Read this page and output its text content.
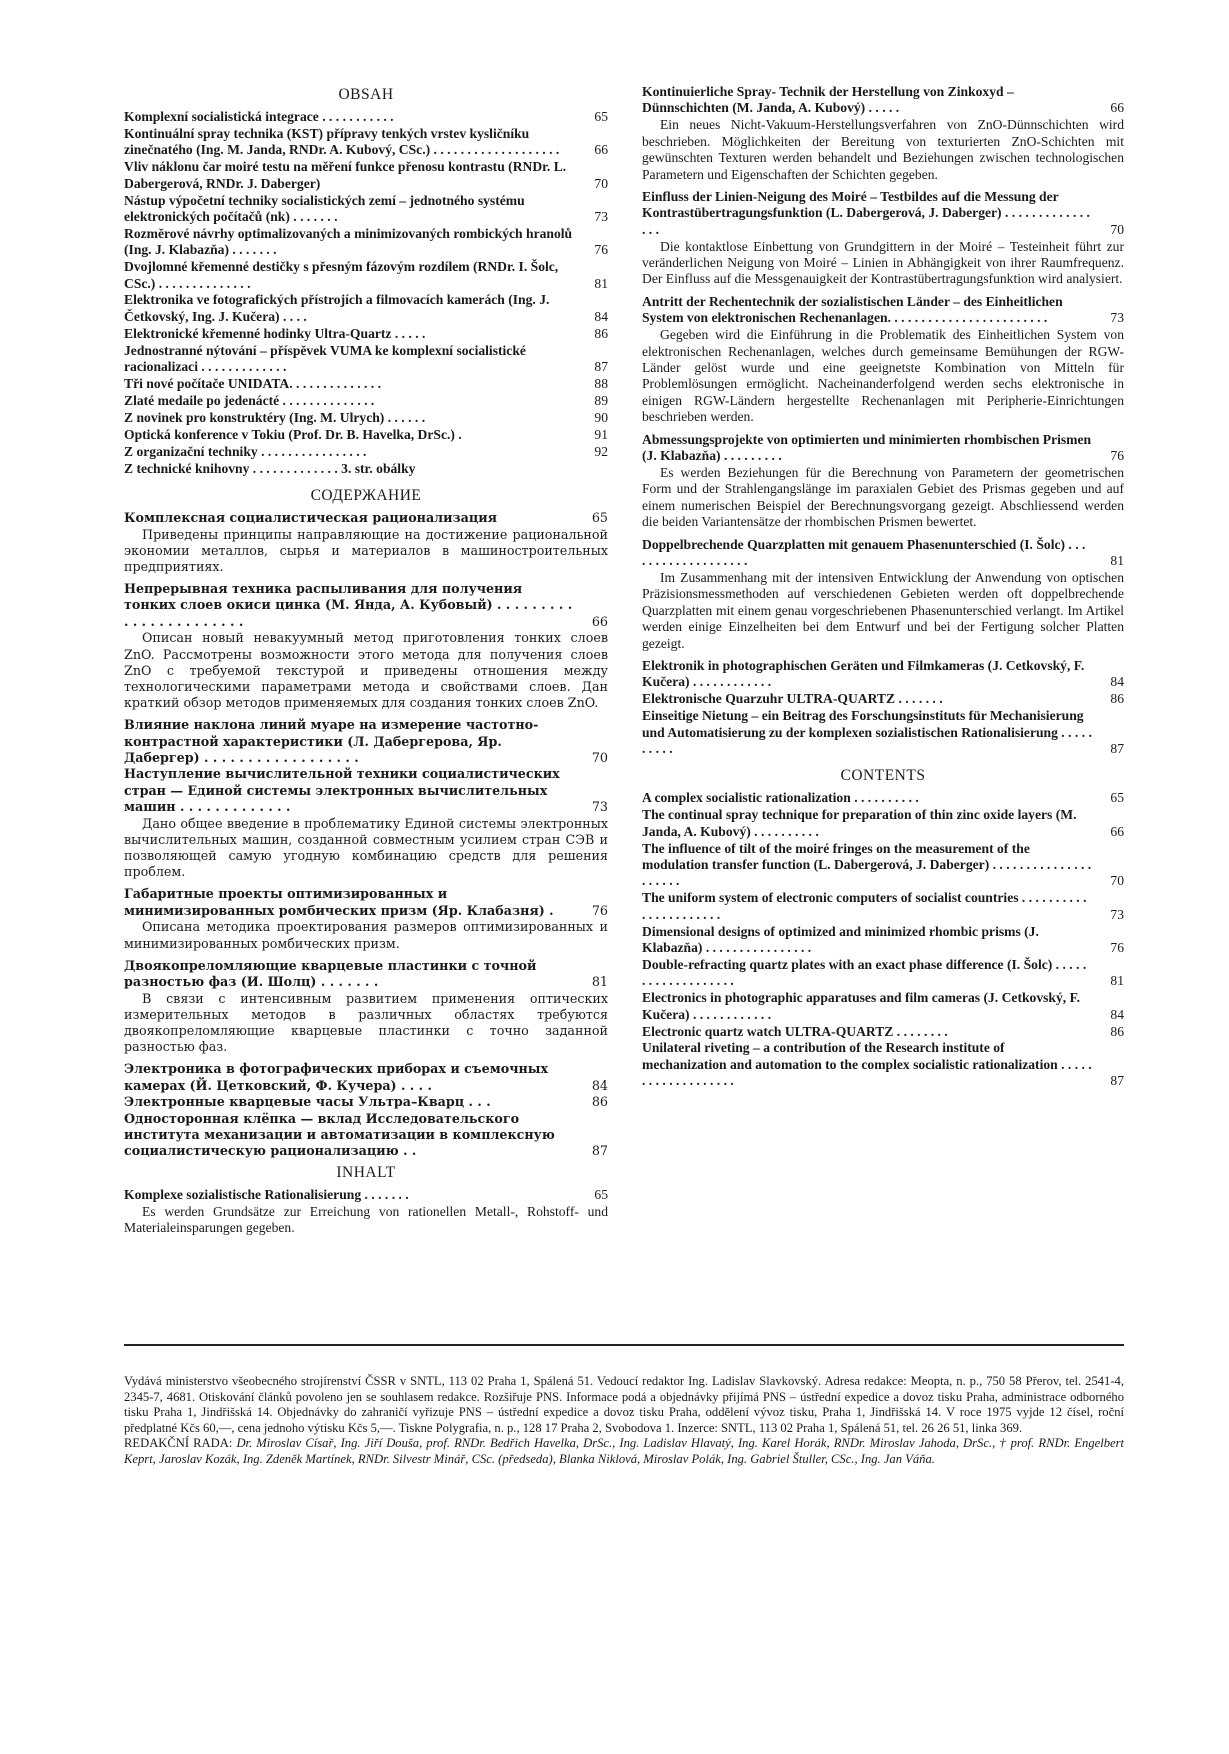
OBSAH
Komplexní socialistická integrace . . . . . . . . . . .	65
Kontinuální spray technika (KST) přípravy tenkých vrstev kysličníku zinečnatého (Ing. M. Janda, RNDr. A. Kubový, CSc.) . . . . . . . . . . . . . . . . . . .	66
Vliv náklonu čar moiré testu na měření funkce přenosu kontrastu (RNDr. L. Dabergerová, RNDr. J. Daberger)	70
Nástup výpočetní techniky socialistických zemí – jednotného systému elektronických počítačů (nk) . . . . . . .	73
Rozměrové návrhy optimalizovaných a minimizovaných rombických hranolů (Ing. J. Klabazňa) . . . . . . .	76
Dvojlomné křemenné destičky s přesným fázovým rozdílem (RNDr. I. Šolc, CSc.) . . . . . . . . . . . . . .	81
Elektronika ve fotografických přístrojích a filmovacích kamerách (Ing. J. Četkovský, Ing. J. Kučera) . . . .	84
Elektronické křemenné hodinky Ultra-Quartz . . . . .	86
Jednostranné nýtování – příspěvek VUMA ke komplexní socialistické racionalizaci . . . . . . . . . . . . .	87
Tři nové počítače UNIDATA. . . . . . . . . . . . . .	88
Zlaté medaile po jedenácté . . . . . . . . . . . . . .	89
Z novinek pro konstruktéry (Ing. M. Ulrych) . . . . . .	90
Optická konference v Tokiu (Prof. Dr. B. Havelka, DrSc.) .	91
Z organizační techniky . . . . . . . . . . . . . . . .	92
Z technické knihovny . . . . . . . . . . . . . 3. str. obálky
СОДЕРЖАНИЕ
Комплексная социалистическая рационализация	65
Приведены принципы направляющие на достижение рациональной экономии металлов, сырья и материалов в машиностроительных предприятиях.
Непрерывная техника распыливания для получения тонких слоев окиси цинка (М. Янда, А. Кубовый) . . . . . . . . . . . . . . . . . . . . . . .	66
Описан новый невакуумный метод приготовления тонких слоев ZnO. Рассмотрены возможности этого метода для получения слоев ZnO с требуемой текстурой и приведены отношения между технологическими параметрами метода и свойствами слоев. Дан краткий обзор методов применяемых для создания тонких слоев ZnO.
Влияние наклона линий муаре на измерение частотно-контрастной характеристики (Л. Дабергерова, Яр. Дабергер) . . . . . . . . . . . . . . . . . .	70
Наступление вычислительной техники социалистических стран — Единой системы электронных вычислительных машин . . . . . . . . . . . . .	73
Дано общее введение в проблематику Единой системы электронных вычислительных машин, созданной совместным усилием стран СЭВ и позволяющей самую угодную комбинацию средств для решения проблем.
Габаритные проекты оптимизированных и минимизированных ромбических призм (Яр. Клабазня) .	76
Описана методика проектирования размеров оптимизированных и минимизированных ромбических призм.
Двоякопреломляющие кварцевые пластинки с точной разностью фаз (И. Шолц) . . . . . . .	81
В связи с интенсивным развитием применения оптических измерительных методов в различных областях требуются двоякопреломляющие кварцевые пластинки с точно заданной разностью фаз.
Электроника в фотографических приборах и съемочных камерах (Й. Цетковский, Ф. Кучера) . . . .	84
Электронные кварцевые часы Ультра–Кварц . . .	86
Односторонная клёпка — вклад Исследовательского института механизации и автоматизации в комплексную социалистическую рационализацию . .	87
INHALT
Komplexe sozialistische Rationalisierung . . . . . . .	65
Es werden Grundsätze zur Erreichung von rationellen Metall-, Rohstoff- und Materialeinsparungen gegeben.
Kontinuierliche Spray- Technik der Herstellung von Zinkoxyd – Dünnschichten (M. Janda, A. Kubový) . . . . .	66
Ein neues Nicht-Vakuum-Herstellungsverfahren von ZnO-Dünnschichten wird beschrieben. Möglichkeiten der Bereitung von texturierten ZnO-Schichten mit gewünschten Texturen werden behandelt und Beziehungen zwischen technologischen Parametern und Eigenschaften der Schichten gegeben.
Einfluss der Linien-Neigung des Moiré – Testbildes auf die Messung der Kontrastübertragungsfunktion (L. Dabergerová, J. Daberger) . . . . . . . . . . . . . . . .	70
Die kontaktlose Einbettung von Grundgittern in der Moiré – Testeinheit führt zur veränderlichen Neigung von Moiré – Linien in Abhängigkeit von ihrer Raumfrequenz. Der Einfluss auf die Messgenauigkeit der Kontrastübertragungsfunktion wird analysiert.
Antritt der Rechentechnik der sozialistischen Länder – des Einheitlichen System von elektronischen Rechenanlagen. . . . . . . . . . . . . . . . . . . . . . . .	73
Gegeben wird die Einführung in die Problematik des Einheitlichen System von elektronischen Rechenanlagen, welches durch gemeinsame Bemühungen der RGW-Länder gelöst wurde und eine geeignetste Kombination von Mitteln für Problemlösungen ermöglicht. Nacheinanderfolgend werden sechs elektronische in einigen RGW-Ländern hergestellte Rechenanlagen mit Peripherie-Einrichtungen beschrieben werden.
Abmessungsprojekte von optimierten und minimierten rhombischen Prismen (J. Klabazňa) . . . . . . . . .	76
Es werden Beziehungen für die Berechnung von Parametern der geometrischen Form und der Strahlengangslänge im paraxialen Gebiet des Prismas gegeben und auf einem numerischen Beispiel der Berechnungsvorgang gezeigt. Abschliessend werden die beiden Variantensätze der rhombischen Prismen bewertet.
Doppelbrechende Quarzplatten mit genauem Phasenunterschied (I. Šolc) . . . . . . . . . . . . . . . . . . .	81
Im Zusammenhang mit der intensiven Entwicklung der Anwendung von optischen Präzisionsmessmethoden auf verschiedenen Gebieten werden oft doppelbrechende Quarzplatten mit einem genau vorgeschriebenen Phasenunterschied verlangt. Im Artikel werden einige Einzelheiten bei dem Entwurf und bei der Fertigung solcher Platten gezeigt.
Elektronik in photographischen Geräten und Filmkameras (J. Cetkovský, F. Kučera) . . . . . . . . . . . .	84
Elektronische Quarzuhr ULTRA-QUARTZ . . . . . . .	86
Einseitige Nietung – ein Beitrag des Forschungsinstituts für Mechanisierung und Automatisierung zu der komplexen sozialistischen Rationalisierung . . . . . . . . . .	87
CONTENTS
A complex socialistic rationalization . . . . . . . . . .	65
The continual spray technique for preparation of thin zinc oxide layers (M. Janda, A. Kubový) . . . . . . . . . .	66
The influence of tilt of the moiré fringes on the measurement of the modulation transfer function (L. Dabergerová, J. Daberger) . . . . . . . . . . . . . . . . . . . . .	70
The uniform system of electronic computers of socialist countries . . . . . . . . . . . . . . . . . . . . . .	73
Dimensional designs of optimized and minimized rhombic prisms (J. Klabazňa) . . . . . . . . . . . . . . . .	76
Double-refracting quartz plates with an exact phase difference (I. Šolc) . . . . . . . . . . . . . . . . . . .	81
Electronics in photographic apparatuses and film cameras (J. Cetkovský, F. Kučera) . . . . . . . . . . . .	84
Electronic quartz watch ULTRA-QUARTZ . . . . . . . .	86
Unilateral riveting – a contribution of the Research institute of mechanization and automation to the complex socialistic rationalization . . . . . . . . . . . . . . . . . . .	87
Vydává ministerstvo všeobecného strojírenství ČSSR v SNTL, 113 02 Praha 1, Spálená 51. Vedoucí redaktor Ing. Ladislav Slavkovský. Adresa redakce: Meopta, n. p., 750 58 Přerov, tel. 2541-4, 2345-7, 4681. Otiskování článků povoleno jen se souhlasem redakce. Rozšiřuje PNS. Informace podá a objednávky přijímá PNS – ústřední expedice a dovoz tisku Praha, administrace odborného tisku Praha 1, Jindřišská 14. Objednávky do zahraničí vyřizuje PNS – ústřední expedice a dovoz tisku Praha, oddělení vývoz tisku, Praha 1, Jindřišská 14. V roce 1975 vyjde 12 čísel, roční předplatné Kčs 60,—, cena jednoho výtisku Kčs 5,—. Tiskne Polygrafia, n. p., 128 17 Praha 2, Svobodova 1. Inzerce: SNTL, 113 02 Praha 1, Spálená 51, tel. 26 26 51, linka 369.
REDAKČNÍ RADA: Dr. Miroslav Císař, Ing. Jiří Douša, prof. RNDr. Bedřich Havelka, DrSc., Ing. Ladislav Hlavatý, Ing. Karel Horák, RNDr. Miroslav Jahoda, DrSc., † prof. RNDr. Engelbert Keprt, Jaroslav Kozák, Ing. Zdeněk Martínek, RNDr. Silvestr Minář, CSc. (předseda), Blanka Niklová, Miroslav Polák, Ing. Gabriel Štuller, CSc., Ing. Jan Váňa.
